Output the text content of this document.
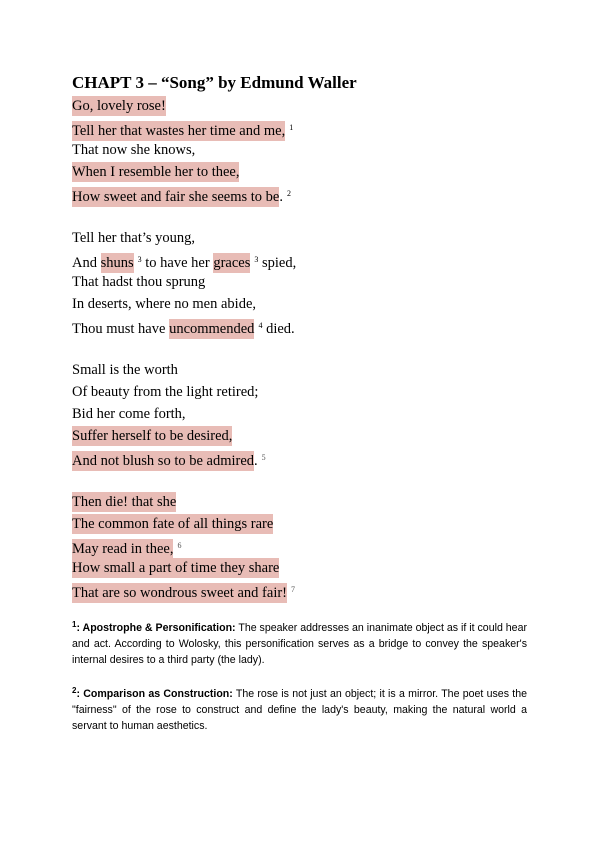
CHAPT 3 – “Song” by Edmund Waller
Go, lovely rose!
Tell her that wastes her time and me, $^1$
That now she knows,
When I resemble her to thee,
How sweet and fair she seems to be. $^2$
Tell her that’s young,
And shuns $^3$ to have her graces $^3$ spied,
That hadst thou sprung
In deserts, where no men abide,
Thou must have uncommended $^4$ died.
Small is the worth
Of beauty from the light retired;
Bid her come forth,
Suffer herself to be desired,
And not blush so to be admired. $^5$
Then die! that she
The common fate of all things rare
May read in thee, $^6$
How small a part of time they share
That are so wondrous sweet and fair! $^7$

$^1$: Apostrophe & Personification: The speaker addresses an inanimate object as if it could hear and act. According to Wolosky, this personification serves as a bridge to convey the speaker's internal desires to a third party (the lady).

$^2$: Comparison as Construction: The rose is not just an object; it is a mirror. The poet uses the "fairness" of the rose to construct and define the lady's beauty, making the natural world a servant to human aesthetics.
